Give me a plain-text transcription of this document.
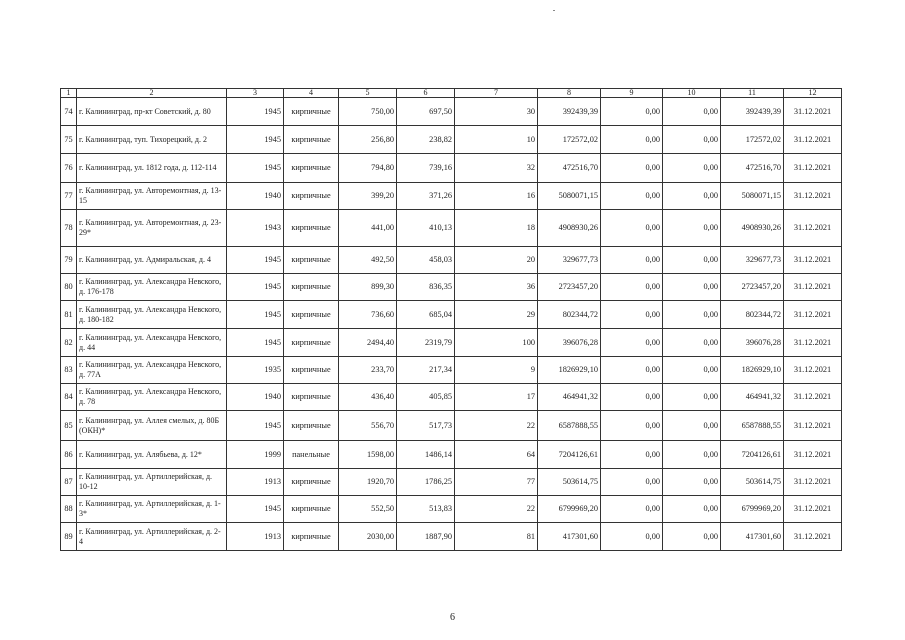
1	2	3	4	5	6	7	8	9	10	11	12
74	г. Калининград, пр-кт Советский, д. 80	1945	кирпичные	750,00	697,50	30	392439,39	0,00	0,00	392439,39	31.12.2021
75	г. Калининград, туп. Тихорецкий, д. 2	1945	кирпичные	256,80	238,82	10	172572,02	0,00	0,00	172572,02	31.12.2021
76	г. Калининград, ул. 1812 года, д. 112-114	1945	кирпичные	794,80	739,16	32	472516,70	0,00	0,00	472516,70	31.12.2021
77	г. Калининград, ул. Авторемонтная, д. 13-15	1940	кирпичные	399,20	371,26	16	5080071,15	0,00	0,00	5080071,15	31.12.2021
78	г. Калининград, ул. Авторемонтная, д. 23-29*	1943	кирпичные	441,00	410,13	18	4908930,26	0,00	0,00	4908930,26	31.12.2021
79	г. Калининград, ул. Адмиральская, д. 4	1945	кирпичные	492,50	458,03	20	329677,73	0,00	0,00	329677,73	31.12.2021
80	г. Калининград, ул. Александра Невского, д. 176-178	1945	кирпичные	899,30	836,35	36	2723457,20	0,00	0,00	2723457,20	31.12.2021
81	г. Калининград, ул. Александра Невского, д. 180-182	1945	кирпичные	736,60	685,04	29	802344,72	0,00	0,00	802344,72	31.12.2021
82	г. Калининград, ул. Александра Невского, д. 44	1945	кирпичные	2494,40	2319,79	100	396076,28	0,00	0,00	396076,28	31.12.2021
83	г. Калининград, ул. Александра Невского, д. 77А	1935	кирпичные	233,70	217,34	9	1826929,10	0,00	0,00	1826929,10	31.12.2021
84	г. Калининград, ул. Александра Невского, д. 78	1940	кирпичные	436,40	405,85	17	464941,32	0,00	0,00	464941,32	31.12.2021
85	г. Калининград, ул. Аллея смелых, д. 80Б (ОКН)*	1945	кирпичные	556,70	517,73	22	6587888,55	0,00	0,00	6587888,55	31.12.2021
86	г. Калининград, ул. Алябьева, д. 12*	1999	панельные	1598,00	1486,14	64	7204126,61	0,00	0,00	7204126,61	31.12.2021
87	г. Калининград, ул. Артиллерийская, д. 10-12	1913	кирпичные	1920,70	1786,25	77	503614,75	0,00	0,00	503614,75	31.12.2021
88	г. Калининград, ул. Артиллерийская, д. 1-3*	1945	кирпичные	552,50	513,83	22	6799969,20	0,00	0,00	6799969,20	31.12.2021
89	г. Калининград, ул. Артиллерийская, д. 2-4	1913	кирпичные	2030,00	1887,90	81	417301,60	0,00	0,00	417301,60	31.12.2021
6
